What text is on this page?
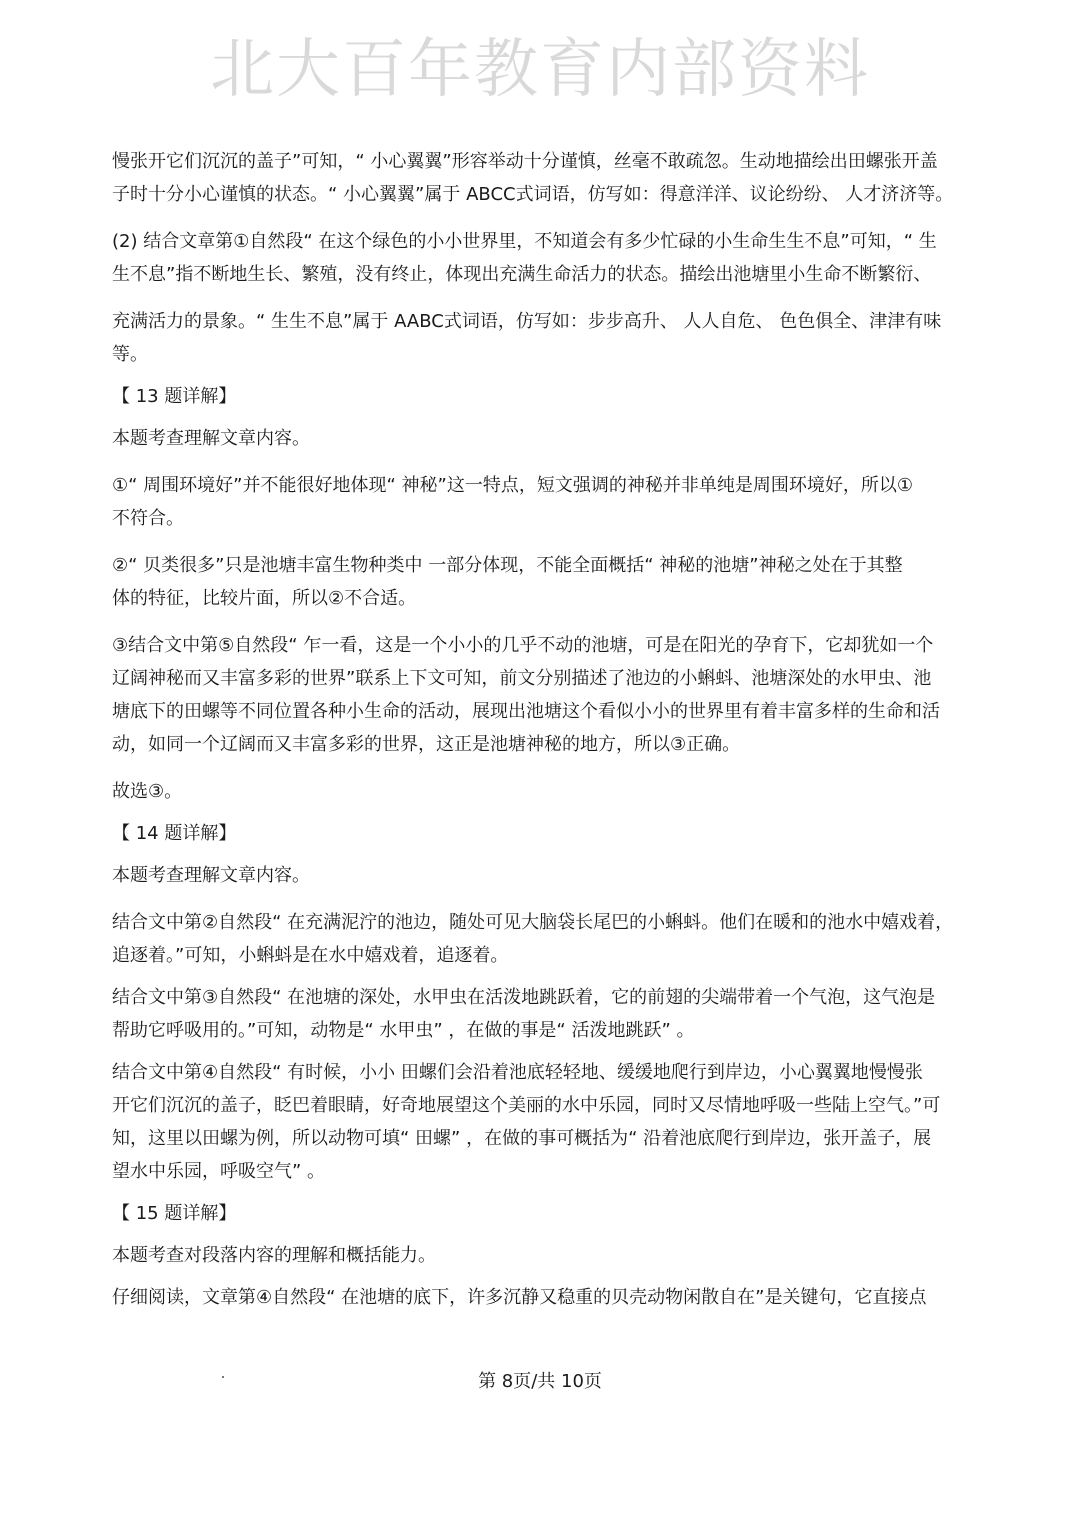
北大百年教育内部资料
慢张开它们沉沉的盖子”可知，“ 小心翼翼”形容举动十分谨慎，丝毫不敢疏忽。生动地描绘出田螺张开盖
子时十分小心谨慎的状态。“ 小心翼翼”属于 ABCC式词语，仿写如：得意洋洋、议论纷纷、 人才济济等。
(2) 结合文章第①自然段“ 在这个绿色的小小世界里，不知道会有多少忙碌的小生命生生不息”可知，“ 生
生不息”指不断地生长、繁殖，没有终止，体现出充满生命活力的状态。描绘出池塘里小生命不断繁衍、
充满活力的景象。“ 生生不息”属于 AABC式词语，仿写如：步步高升、 人人自危、 色色俱全、津津有味
等。
【 13 题详解】
本题考查理解文章内容。
①“ 周围环境好”并不能很好地体现“ 神秘”这一特点，短文强调的神秘并非单纯是周围环境好，所以①
不符合。
②“ 贝类很多”只是池塘丰富生物种类中 一部分体现，不能全面概括“ 神秘的池塘”神秘之处在于其整
体的特征，比较片面，所以②不合适。
③结合文中第⑤自然段“ 乍一看，这是一个小小的几乎不动的池塘，可是在阳光的孕育下，它却犹如一个
辽阔神秘而又丰富多彩的世界”联系上下文可知，前文分别描述了池边的小蝌蚪、池塘深处的水甲虫、池
塘底下的田螺等不同位置各种小生命的活动，展现出池塘这个看似小小的世界里有着丰富多样的生命和活
动，如同一个辽阔而又丰富多彩的世界，这正是池塘神秘的地方，所以③正确。
故选③。
【 14 题详解】
本题考查理解文章内容。
结合文中第②自然段“ 在充满泥泞的池边，随处可见大脑袋长尾巴的小蝌蚪。他们在暖和的池水中嬉戏着，
追逐着。”可知，小蝌蚪是在水中嬉戏着，追逐着。
结合文中第③自然段“ 在池塘的深处，水甲虫在活泼地跳跃着，它的前翅的尖端带着一个气泡，这气泡是
帮助它呼吸用的。”可知，动物是“ 水甲虫” ，在做的事是“ 活泼地跳跃” 。
结合文中第④自然段“ 有时候，小小 田螺们会沿着池底轻轻地、缓缓地爬行到岸边，小心翼翼地慢慢张
开它们沉沉的盖子，眨巴着眼睛，好奇地展望这个美丽的水中乐园，同时又尽情地呼吸一些陆上空气。”可
知，这里以田螺为例，所以动物可填“ 田螺” ，在做的事可概括为“ 沿着池底爬行到岸边，张开盖子，展
望水中乐园，呼吸空气” 。
【 15 题详解】
本题考查对段落内容的理解和概括能力。
仔细阅读，文章第④自然段“ 在池塘的底下，许多沉静又稳重的贝壳动物闲散自在”是关键句，它直接点
第 8页/共 10页
